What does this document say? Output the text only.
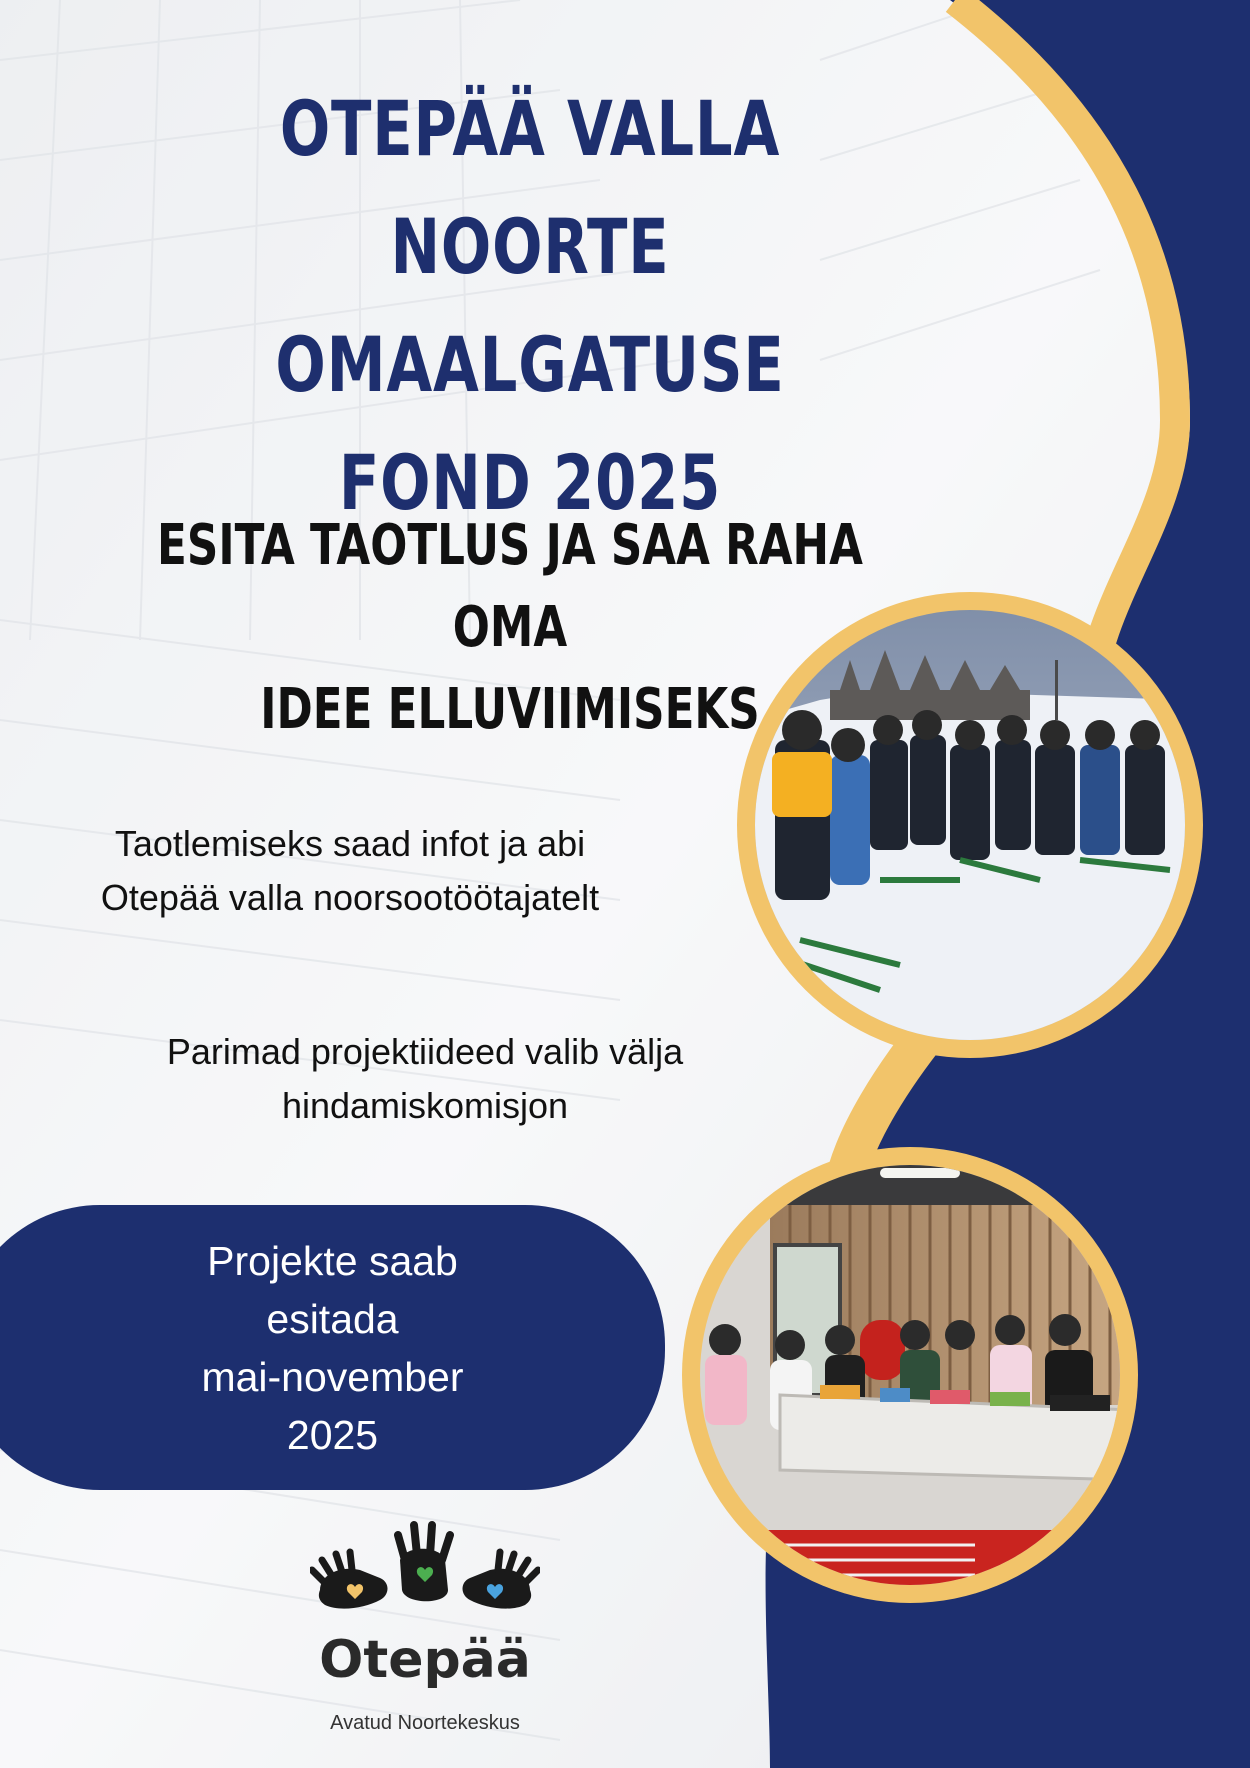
OTEPÄÄ VALLA
NOORTE OMAALGATUSE
FOND 2025
ESITA TAOTLUS JA SAA RAHA OMA
IDEE ELLUVIIMISEKS
Taotlemiseks saad infot ja abi
Otepää valla noorsootöötajatelt
Parimad projektiideed valib välja
hindamiskomisjon
Projekte saab
esitada
mai-november
2025
Otepää
Avatud Noortekeskus
